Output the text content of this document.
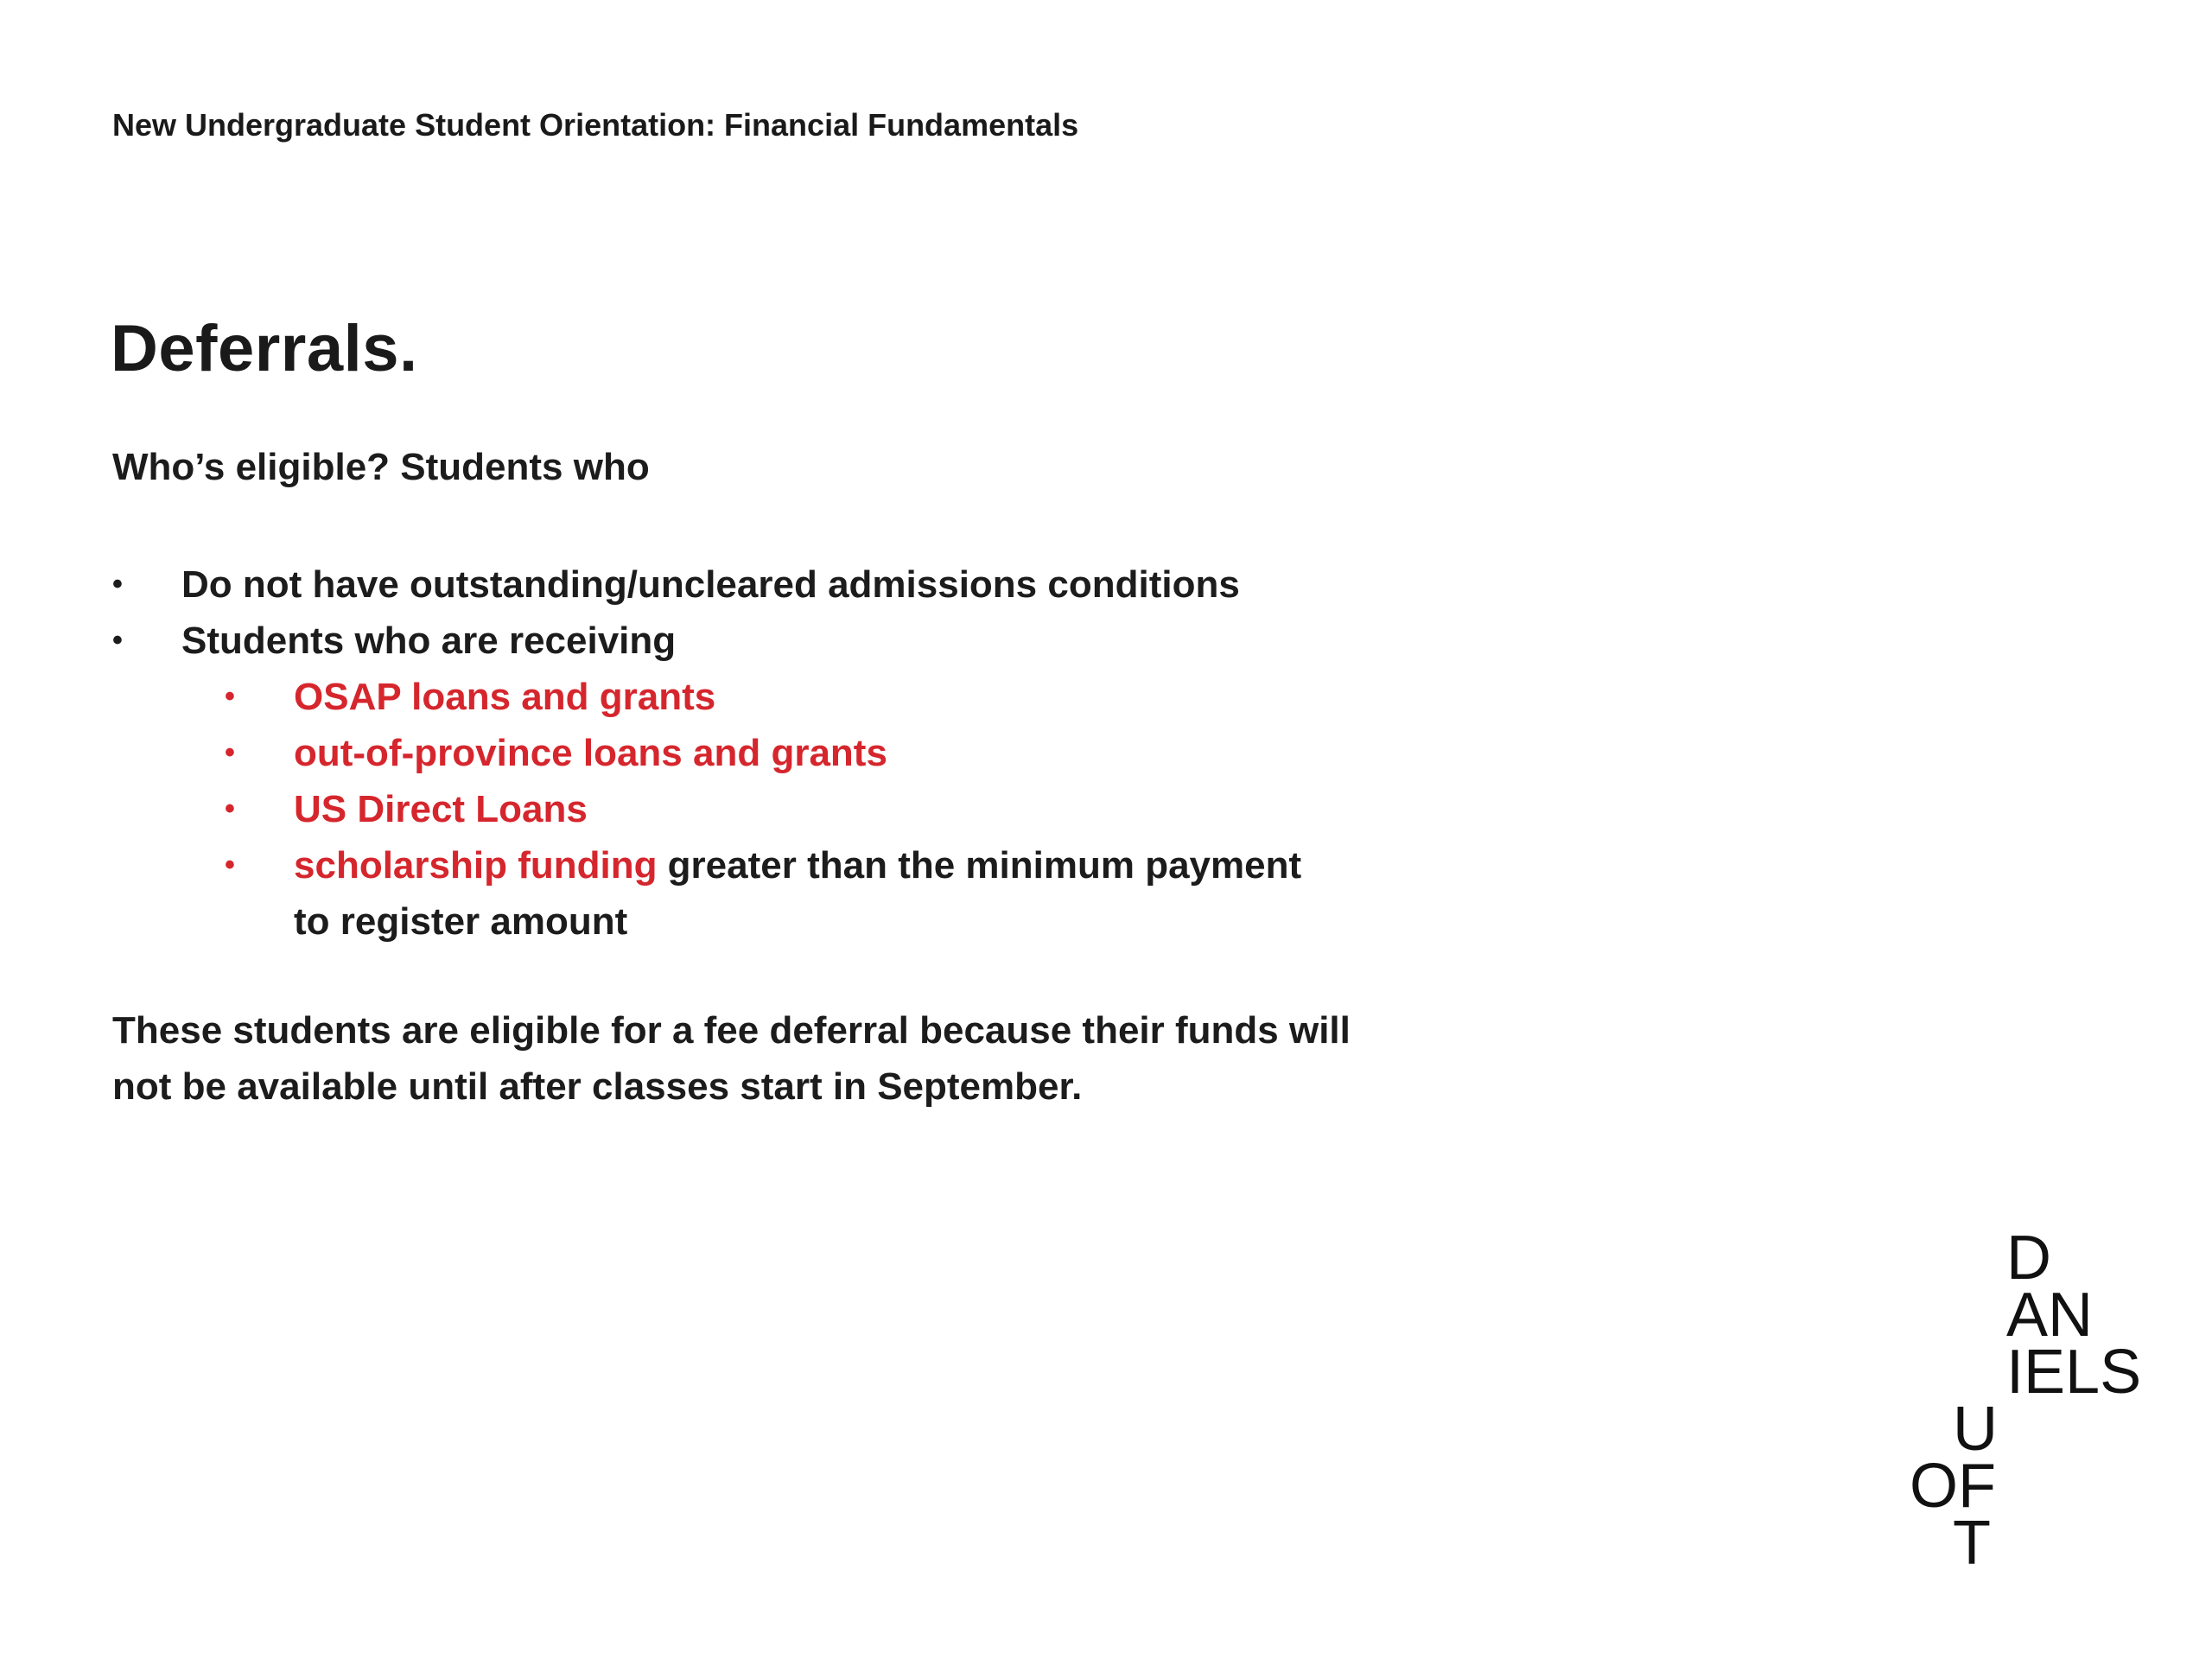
New Undergraduate Student Orientation: Financial Fundamentals
Deferrals.
Who’s eligible? Students who
• Do not have outstanding/uncleared admissions conditions
• Students who are receiving
• OSAP loans and grants
• out-of-province loans and grants
• US Direct Loans
• scholarship funding greater than the minimum payment
to register amount
These students are eligible for a fee deferral because their funds will
not be available until after classes start in September.
D
AN
IELS
U
OF
T
